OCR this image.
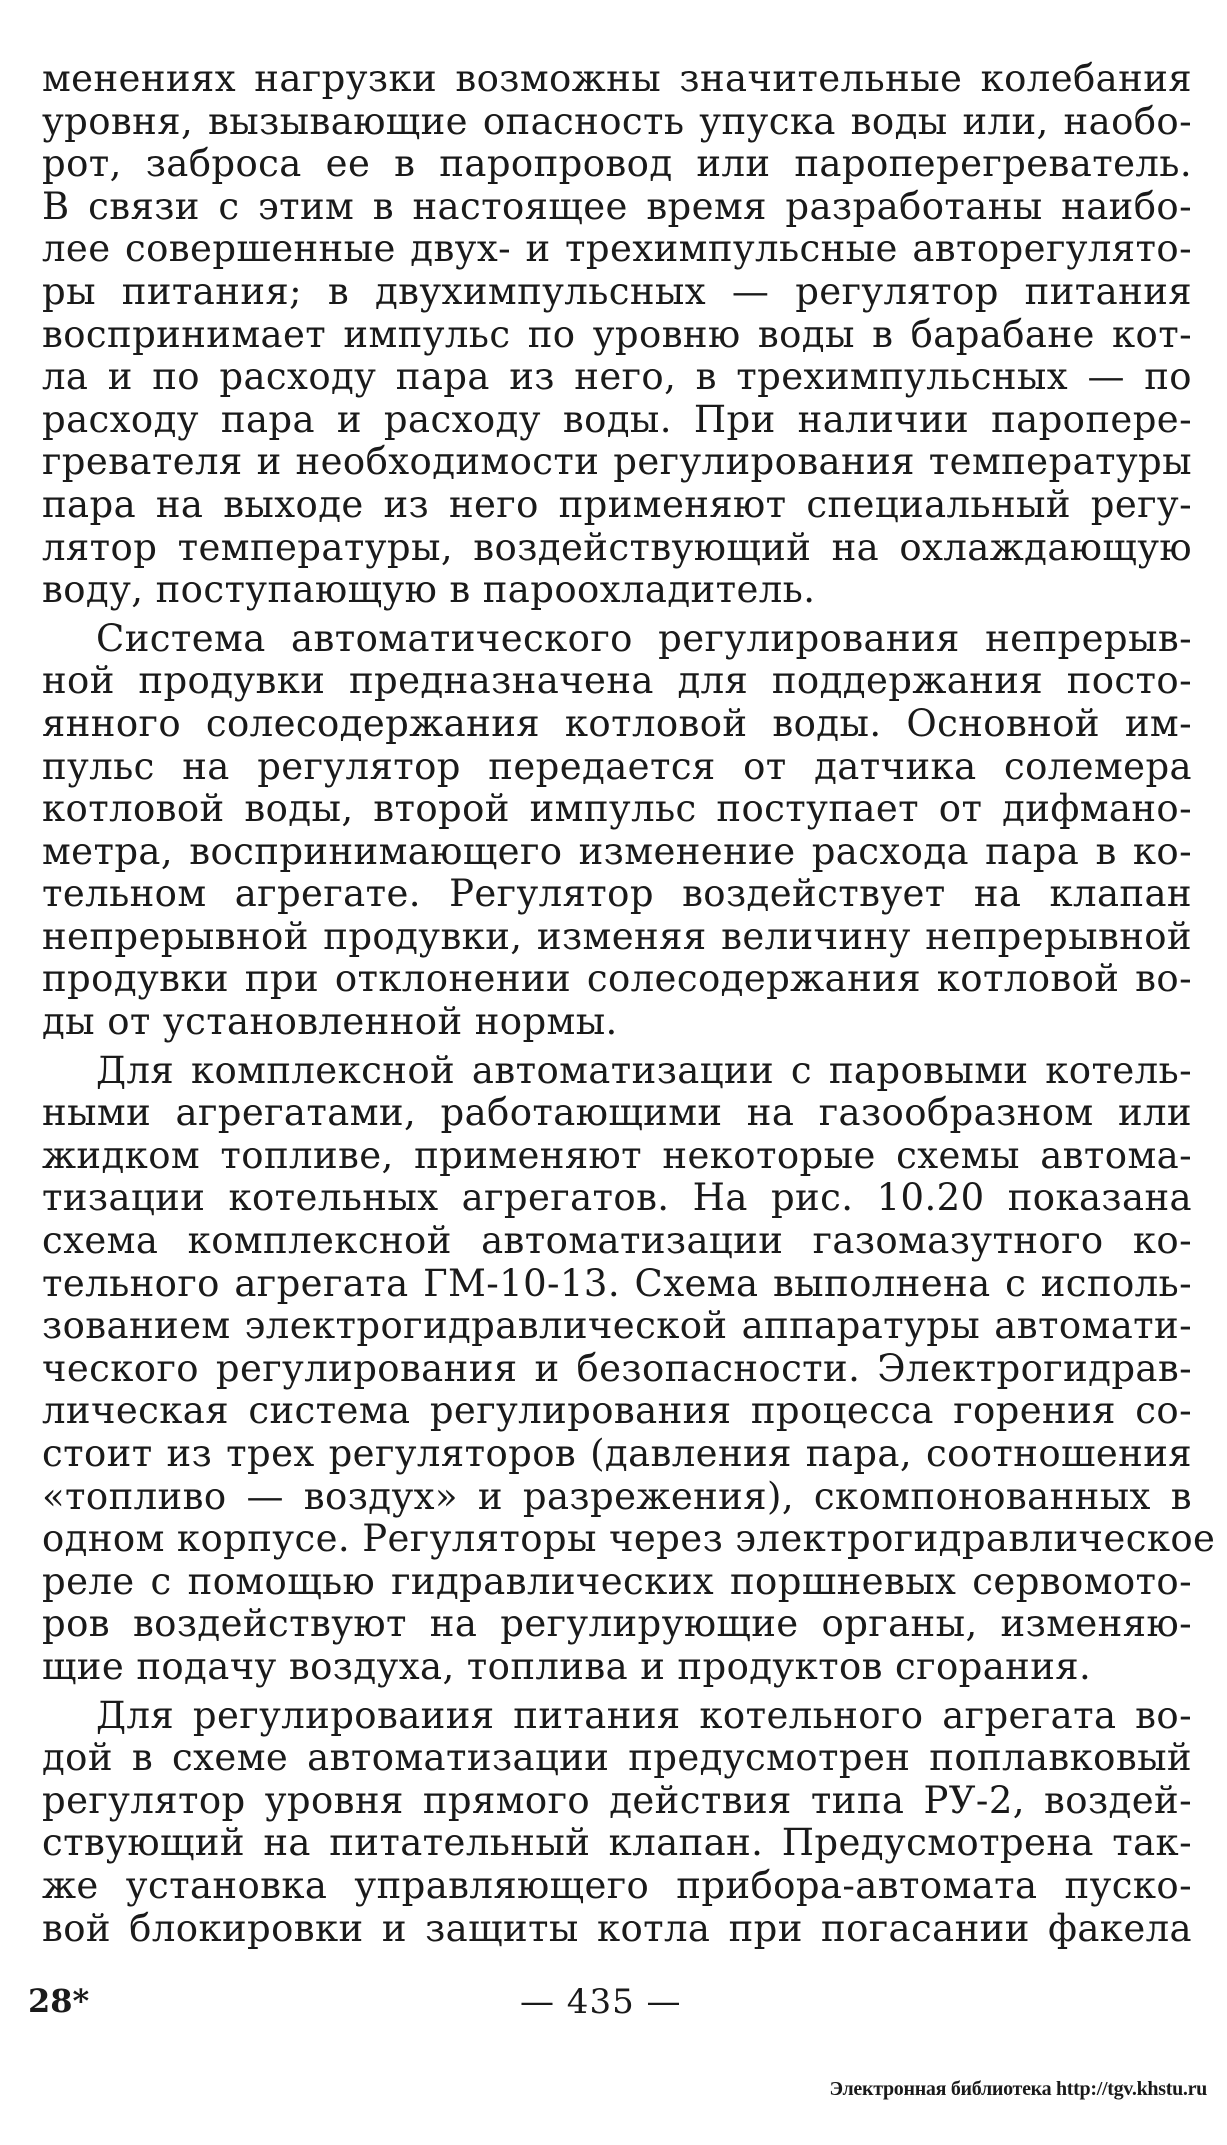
менениях нагрузки возможны значительные колебания
уровня, вызывающие опасность упуска воды или, наобо-
рот, заброса ее в паропровод или пароперегреватель.
В связи с этим в настоящее время разработаны наибо-
лее совершенные двух- и трехимпульсные авторегулято-
ры питания; в двухимпульсных — регулятор питания
воспринимает импульс по уровню воды в барабане кот-
ла и по расходу пара из него, в трехимпульсных — по
расходу пара и расходу воды. При наличии паропере-
гревателя и необходимости регулирования температуры
пара на выходе из него применяют специальный регу-
лятор температуры, воздействующий на охлаждающую
воду, поступающую в пароохладитель.
Система автоматического регулирования непрерыв-
ной продувки предназначена для поддержания посто-
янного солесодержания котловой воды. Основной им-
пульс на регулятор передается от датчика солемера
котловой воды, второй импульс поступает от дифмано-
метра, воспринимающего изменение расхода пара в ко-
тельном агрегате. Регулятор воздействует на клапан
непрерывной продувки, изменяя величину непрерывной
продувки при отклонении солесодержания котловой во-
ды от установленной нормы.
Для комплексной автоматизации с паровыми котель-
ными агрегатами, работающими на газообразном или
жидком топливе, применяют некоторые схемы автома-
тизации котельных агрегатов. На рис. 10.20 показана
схема комплексной автоматизации газомазутного ко-
тельного агрегата ГМ-10-13. Схема выполнена с исполь-
зованием электрогидравлической аппаратуры автомати-
ческого регулирования и безопасности. Электрогидрав-
лическая система регулирования процесса горения со-
стоит из трех регуляторов (давления пара, соотношения
«топливо — воздух» и разрежения), скомпонованных в
одном корпусе. Регуляторы через электрогидравлическое
реле с помощью гидравлических поршневых сервомото-
ров воздействуют на регулирующие органы, изменяю-
щие подачу воздуха, топлива и продуктов сгорания.
Для регулироваиия питания котельного агрегата во-
дой в схеме автоматизации предусмотрен поплавковый
регулятор уровня прямого действия типа РУ-2, воздей-
ствующий на питательный клапан. Предусмотрена так-
же установка управляющего прибора-автомата пуско-
вой блокировки и защиты котла при погасании факела
28*	— 435 —
Электронная библиотека http://tgv.khstu.ru
